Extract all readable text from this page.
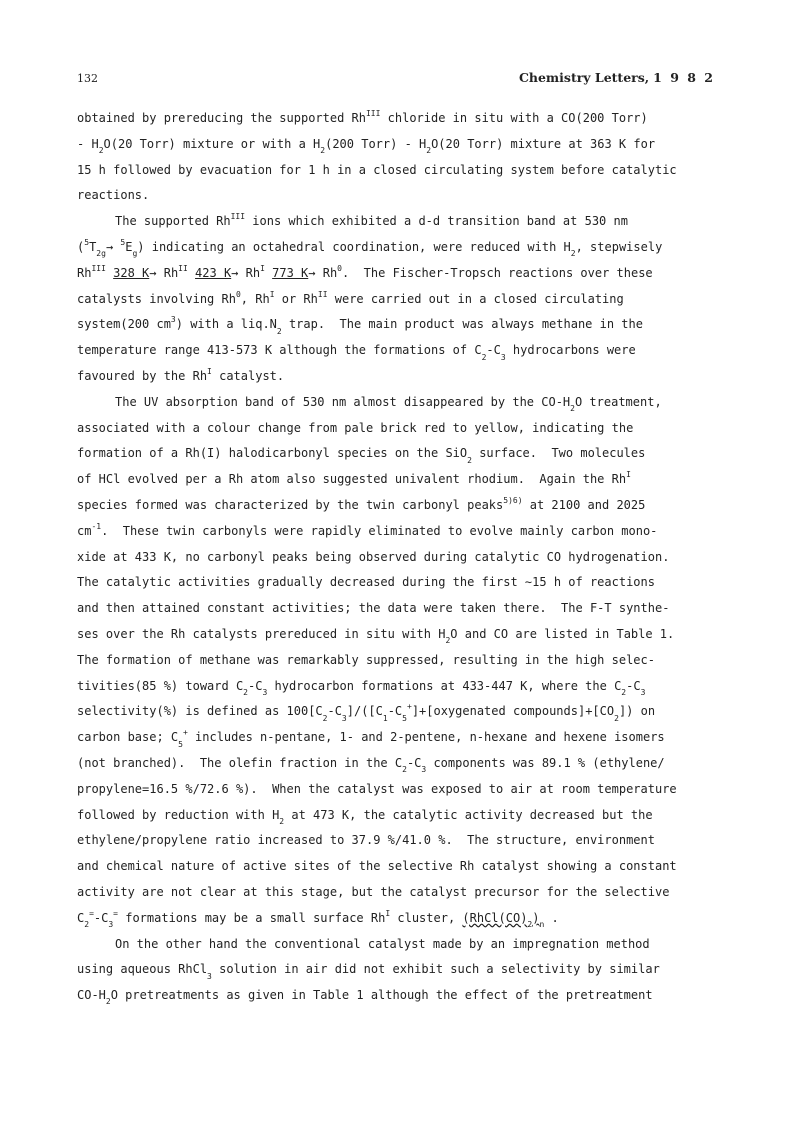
132	Chemistry Letters, 1 9 8 2
obtained by prereducing the supported $Rh^{III}$ chloride in situ with a CO(200 Torr)
- $H_2O(20$ Torr) mixture or with a $H_2(200$ Torr) - $H_2O(20$ Torr) mixture at 363 K for
15 h followed by evacuation for 1 h in a closed circulating system before catalytic
reactions.
The supported $Rh^{III}$ ions which exhibited a d-d transition band at 530 nm
$(^5T_{2g}\to ^5E_g)$ indicating an octahedral coordination, were reduced with $H_2$, stepwisely
$Rh^{III}$ 328 $K\to Rh^{II}$ 423 $K\to Rh^I$ 773 $K\to Rh^0$.  The Fischer-Tropsch reactions over these
catalysts involving Rh$^0$, $Rh^I$ or $Rh^{II}$ were carried out in a closed circulating
system(200 $cm^3$) with a $liq.N_2$ trap.  The main product was always methane in the
temperature range 413-573 K although the formations of $C_2-C_3$ hydrocarbons were
favoured by the $Rh^I$ catalyst.
The UV absorption band of 530 nm almost disappeared by the $CO-H_2O$ treatment,
associated with a colour change from pale brick red to yellow, indicating the
formation of a Rh(I) halodicarbonyl species on the SiO$_2$ surface.  Two molecules
of HCl evolved per a Rh atom also suggested univalent rhodium.  Again the $Rh^I$
species formed was characterized by the twin carbonyl peaks$^{5)6)}$ at 2100 and 2025
$cm^{-1}$.  These twin carbonyls were rapidly eliminated to evolve mainly carbon mono-
xide at 433 K, no carbonyl peaks being observed during catalytic CO hydrogenation.
The catalytic activities gradually decreased during the first ∼15 h of reactions
and then attained constant activities; the data were taken there.  The F-T synthe-
ses over the Rh catalysts prereduced in situ with $H_2O$ and CO are listed in Table 1.
The formation of methane was remarkably suppressed, resulting in the high selec-
tivities(85 %) toward $C_2-C_3$ hydrocarbon formations at 433-447 K, where the $C_2-C_3$
selectivity(%) is defined as $100[C_2-C_3]/([C_1-C_5^+]+[oxygenated$ $compounds]+[CO_2]$) on
carbon base; $C_5^+$ includes n-pentane, 1- and 2-pentene, n-hexane and hexene isomers
(not branched).  The olefin fraction in the $C_2-C_3$ components was 89.1 % (ethylene/
propylene=16.5 %/72.6 %).  When the catalyst was exposed to air at room temperature
followed by reduction with $H_2$ at 473 K, the catalytic activity decreased but the
ethylene/propylene ratio increased to 37.9 %/41.0 %.  The structure, environment
and chemical nature of active sites of the selective Rh catalyst showing a constant
activity are not clear at this stage, but the catalyst precursor for the selective
$C_2^=-C_3^=$ formations may be a small surface $Rh^I$ cluster, $(RhCl(CO)_2)_n$ .
On the other hand the conventional catalyst made by an impregnation method
using aqueous RhCl$_3$ solution in air did not exhibit such a selectivity by similar
$CO-H_2O$ pretreatments as given in Table 1 although the effect of the pretreatment
